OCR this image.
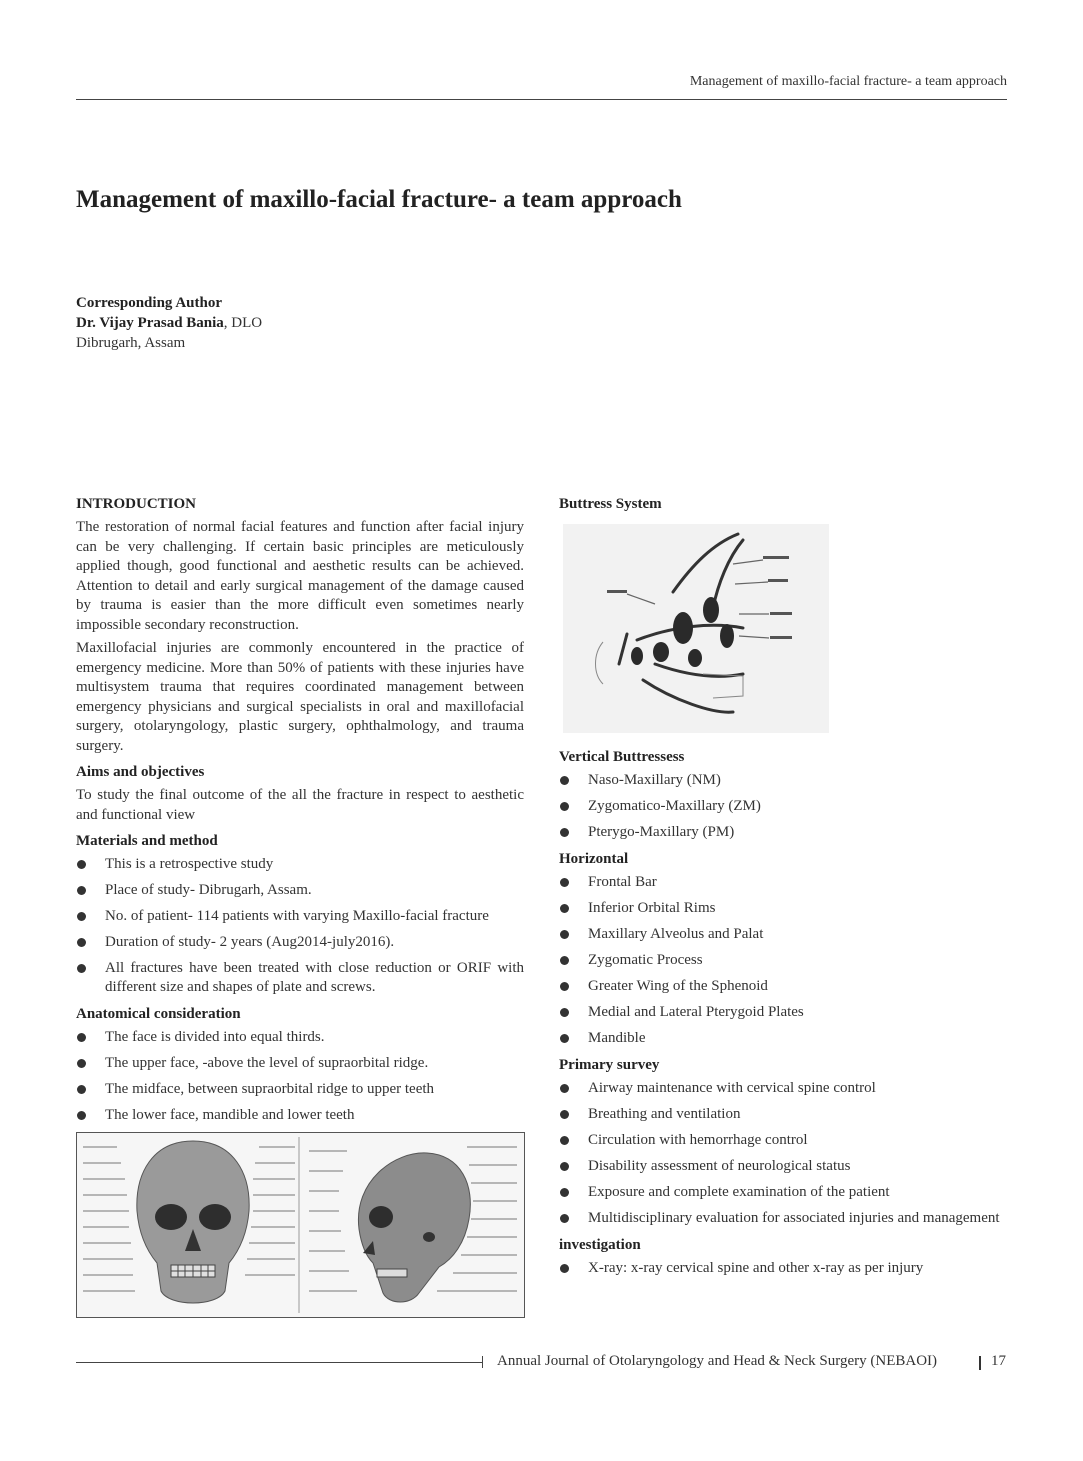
Management of maxillo-facial fracture- a team approach
Management of maxillo-facial fracture- a team approach
Corresponding Author
Dr. Vijay Prasad Bania, DLO
Dibrugarh, Assam
INTRODUCTION

The restoration of normal facial features and function after facial injury can be very challenging. If certain basic principles are meticulously applied though, good functional and aesthetic results can be achieved. Attention to detail and early surgical management of the damage caused by trauma is easier than the more difficult even sometimes nearly impossible secondary reconstruction.

Maxillofacial injuries are commonly encountered in the practice of emergency medicine. More than 50% of patients with these injuries have multisystem trauma that requires coordinated management between emergency physicians and surgical specialists in oral and maxillofacial surgery, otolaryngology, plastic surgery, ophthalmology, and trauma surgery.

Aims and objectives

To study the final outcome of the all the fracture in respect to aesthetic and functional view

Materials and method
This is a retrospective study
Place of study- Dibrugarh, Assam.
No. of patient- 114 patients with varying Maxillo-facial fracture
Duration of study- 2 years (Aug2014-july2016).
All fractures have been treated with close reduction or ORIF with different size and shapes of plate and screws.
Anatomical consideration
The face is divided into equal thirds.
The upper face, -above the level of supraorbital ridge.
The midface, between supraorbital ridge to upper teeth
The lower face, mandible and lower teeth
Buttress System
Vertical Buttressess
Naso-Maxillary (NM)
Zygomatico-Maxillary (ZM)
Pterygo-Maxillary (PM)
Horizontal
Frontal Bar
Inferior Orbital Rims
Maxillary Alveolus and Palat
Zygomatic Process
Greater Wing of the Sphenoid
Medial and Lateral Pterygoid Plates
Mandible
Primary survey
Airway maintenance with cervical spine control
Breathing and ventilation
Circulation with hemorrhage control
Disability assessment of neurological status
Exposure and complete examination of the patient
Multidisciplinary evaluation for associated injuries and management
investigation
X-ray: x-ray cervical spine and other x-ray as per injury
Annual Journal of Otolaryngology and Head & Neck Surgery (NEBAOI)	17
